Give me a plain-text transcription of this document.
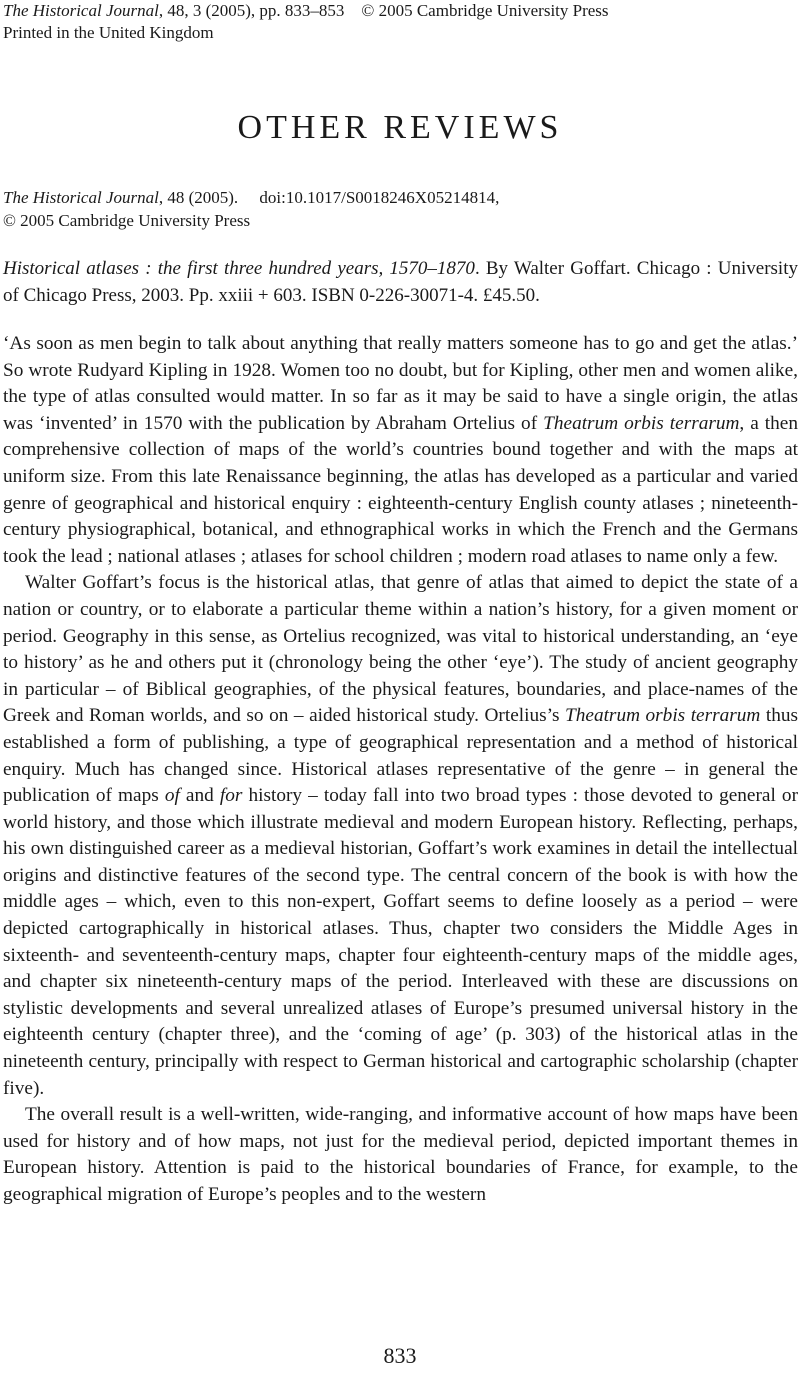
The Historical Journal, 48, 3 (2005), pp. 833–853 © 2005 Cambridge University Press
Printed in the United Kingdom
OTHER REVIEWS
The Historical Journal, 48 (2005). doi:10.1017/S0018246X05214814,
© 2005 Cambridge University Press
Historical atlases : the first three hundred years, 1570–1870. By Walter Goffart. Chicago : University of Chicago Press, 2003. Pp. xxiii + 603. ISBN 0-226-30071-4. £45.50.

‘As soon as men begin to talk about anything that really matters someone has to go and get the atlas.’ So wrote Rudyard Kipling in 1928. Women too no doubt, but for Kipling, other men and women alike, the type of atlas consulted would matter. In so far as it may be said to have a single origin, the atlas was ‘invented’ in 1570 with the publication by Abraham Ortelius of Theatrum orbis terrarum, a then comprehensive collection of maps of the world’s countries bound together and with the maps at uniform size. From this late Renaissance beginning, the atlas has developed as a particular and varied genre of geographical and historical enquiry : eighteenth-century English county atlases ; nineteenth-century physiographical, botanical, and ethnographical works in which the French and the Germans took the lead ; national atlases ; atlases for school children ; modern road atlases to name only a few.

Walter Goffart’s focus is the historical atlas, that genre of atlas that aimed to depict the state of a nation or country, or to elaborate a particular theme within a nation’s history, for a given moment or period. Geography in this sense, as Ortelius recognized, was vital to historical understanding, an ‘eye to history’ as he and others put it (chronology being the other ‘eye’). The study of ancient geography in particular – of Biblical geographies, of the physical features, boundaries, and place-names of the Greek and Roman worlds, and so on – aided historical study. Ortelius’s Theatrum orbis terrarum thus established a form of publishing, a type of geographical representation and a method of historical enquiry. Much has changed since. Historical atlases representative of the genre – in general the publication of maps of and for history – today fall into two broad types : those devoted to general or world history, and those which illustrate medieval and modern European history. Reflecting, perhaps, his own distinguished career as a medieval historian, Goffart’s work examines in detail the intellectual origins and distinctive features of the second type. The central concern of the book is with how the middle ages – which, even to this non-expert, Goffart seems to define loosely as a period – were depicted cartographically in historical atlases. Thus, chapter two considers the Middle Ages in sixteenth- and seventeenth-century maps, chapter four eighteenth-century maps of the middle ages, and chapter six nineteenth-century maps of the period. Interleaved with these are discussions on stylistic developments and several unrealized atlases of Europe’s presumed universal history in the eighteenth century (chapter three), and the ‘coming of age’ (p. 303) of the historical atlas in the nineteenth century, principally with respect to German historical and cartographic scholarship (chapter five).

The overall result is a well-written, wide-ranging, and informative account of how maps have been used for history and of how maps, not just for the medieval period, depicted important themes in European history. Attention is paid to the historical boundaries of France, for example, to the geographical migration of Europe’s peoples and to the western

833
